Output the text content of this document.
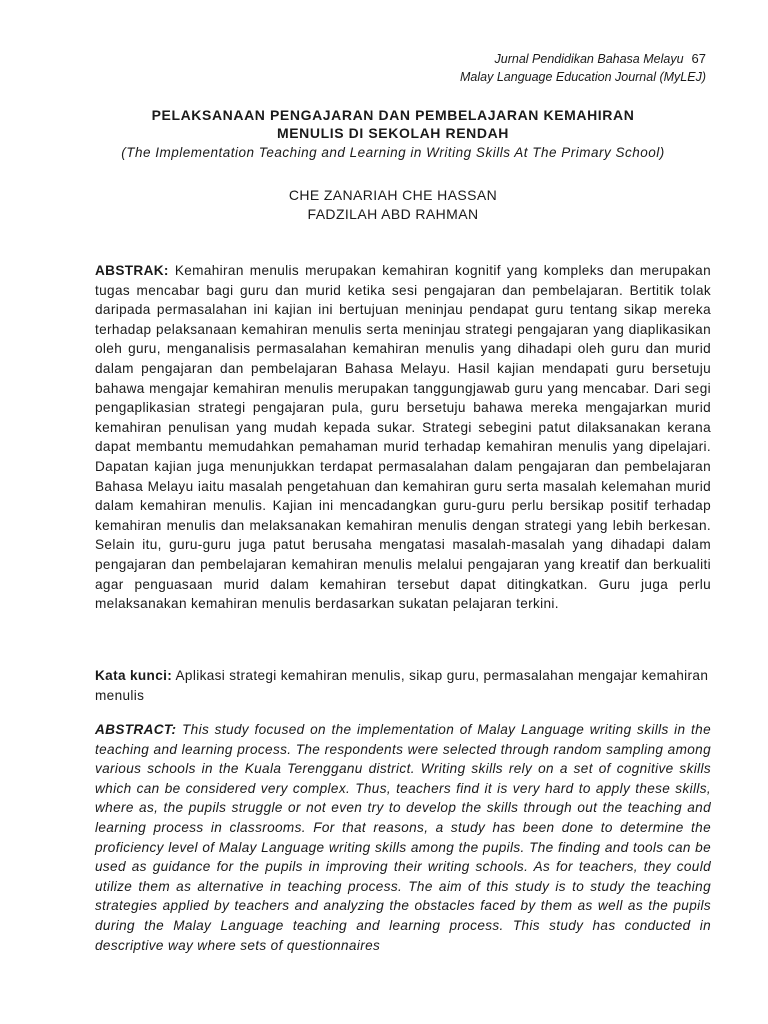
Jurnal Pendidikan Bahasa Melayu 67
Malay Language Education Journal (MyLEJ)

PELAKSANAAN PENGAJARAN DAN PEMBELAJARAN KEMAHIRAN

MENULIS DI SEKOLAH RENDAH

(The Implementation Teaching and Learning in Writing Skills At The Primary School)

CHE ZANARIAH CHE HASSAN
FADZILAH ABD RAHMAN

ABSTRAK: Kemahiran menulis merupakan kemahiran kognitif yang kompleks dan merupakan tugas mencabar bagi guru dan murid ketika sesi pengajaran dan pembelajaran. Bertitik tolak daripada permasalahan ini kajian ini bertujuan meninjau pendapat guru tentang sikap mereka terhadap pelaksanaan kemahiran menulis serta meninjau strategi pengajaran yang diaplikasikan oleh guru, menganalisis permasalahan kemahiran menulis yang dihadapi oleh guru dan murid dalam pengajaran dan pembelajaran Bahasa Melayu. Hasil kajian mendapati guru bersetuju bahawa mengajar kemahiran menulis merupakan tanggungjawab guru yang mencabar. Dari segi pengaplikasian strategi pengajaran pula, guru bersetuju bahawa mereka mengajarkan murid kemahiran penulisan yang mudah kepada sukar. Strategi sebegini patut dilaksanakan kerana dapat membantu memudahkan pemahaman murid terhadap kemahiran menulis yang dipelajari. Dapatan kajian juga menunjukkan terdapat permasalahan dalam pengajaran dan pembelajaran Bahasa Melayu iaitu masalah pengetahuan dan kemahiran guru serta masalah kelemahan murid dalam kemahiran menulis. Kajian ini mencadangkan guru-guru perlu bersikap positif terhadap kemahiran menulis dan melaksanakan kemahiran menulis dengan strategi yang lebih berkesan. Selain itu, guru-guru juga patut berusaha mengatasi masalah-masalah yang dihadapi dalam pengajaran dan pembelajaran kemahiran menulis melalui pengajaran yang kreatif dan berkualiti agar penguasaan murid dalam kemahiran tersebut dapat ditingkatkan. Guru juga perlu melaksanakan kemahiran menulis berdasarkan sukatan pelajaran terkini.

Kata kunci: Aplikasi strategi kemahiran menulis, sikap guru, permasalahan mengajar kemahiran menulis

ABSTRACT: This study focused on the implementation of Malay Language writing skills in the teaching and learning process. The respondents were selected through random sampling among various schools in the Kuala Terengganu district. Writing skills rely on a set of cognitive skills which can be considered very complex. Thus, teachers find it is very hard to apply these skills, where as, the pupils struggle or not even try to develop the skills through out the teaching and learning process in classrooms. For that reasons, a study has been done to determine the proficiency level of Malay Language writing skills among the pupils. The finding and tools can be used as guidance for the pupils in improving their writing schools. As for teachers, they could utilize them as alternative in teaching process. The aim of this study is to study the teaching strategies applied by teachers and analyzing the obstacles faced by them as well as the pupils during the Malay Language teaching and learning process. This study has conducted in descriptive way where sets of questionnaires
